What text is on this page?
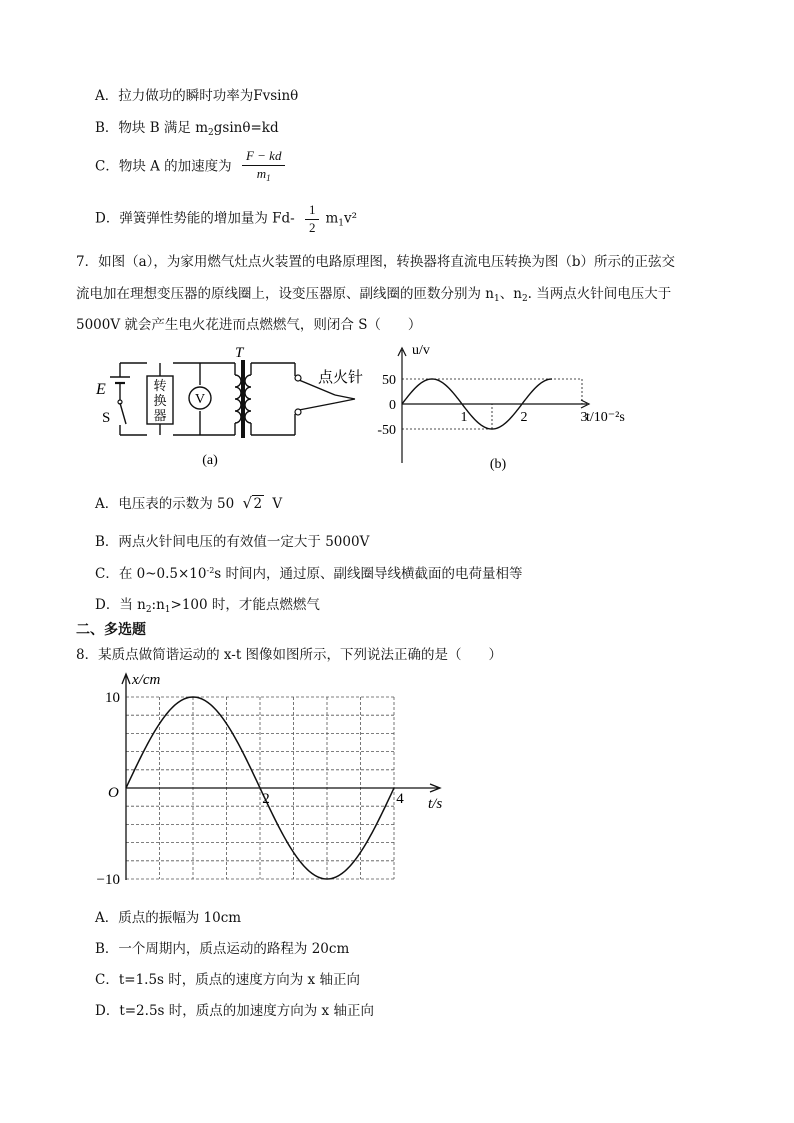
A．拉力做功的瞬时功率为Fvsinθ
B．物块 B 满足 $m_2gsin\theta=kd$
C．物块 A 的加速度为 $\frac{F - kd}{m_1}$
D．弹簧弹性势能的增加量为 $Fd- \frac{1}{2} m_1v^2$
7．如图（a），为家用燃气灶点火装置的电路原理图，转换器将直流电压转换为图（b）所示的正弦交
流电加在理想变压器的原线圈上，设变压器原、副线圈的匝数分别为 $n_1$、$n_2$. 当两点火针间电压大于
5000V 就会产生电火花进而点燃燃气，则闭合 S（　　）
V
E
S
T
转
换
器
点火针
(a)
u/v
t/10⁻²s
(b)
50
0
-50
1	2	3
A．电压表的示数为 50 √ 2 V
B．两点火针间电压的有效值一定大于 5000V
C．在 $0\sim 0.5\times 10^{-2}s$ 时间内，通过原、副线圈导线横截面的电荷量相等
D．当 $n_2:n_1>100$ 时，才能点燃燃气
二、多选题
8．某质点做简谐运动的 x-t 图像如图所示，下列说法正确的是（　　）
x/cm
t/s
O
10
−10
2	4
A．质点的振幅为 10cm
B．一个周期内，质点运动的路程为 20cm
C．t=1.5s 时，质点的速度方向为 x 轴正向
D．t=2.5s 时，质点的加速度方向为 x 轴正向
